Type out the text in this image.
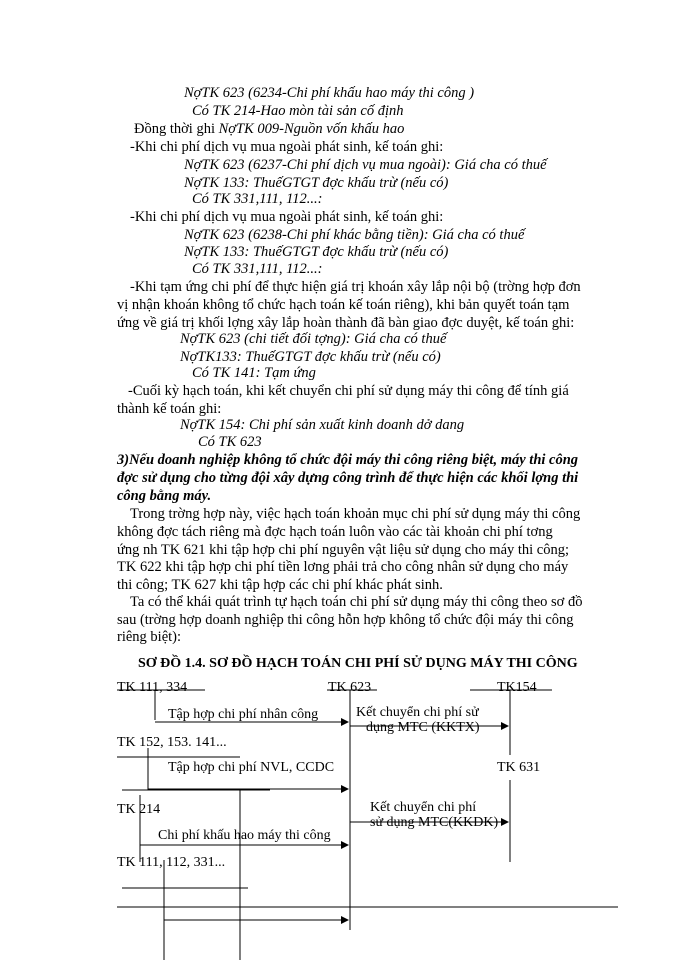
NợTK 623 (6234-Chi phí khấu hao máy thi công )
Có TK 214-Hao mòn tài sản cố định
Đồng thời ghi NợTK 009-Nguồn vốn khấu hao
-Khi chi phí dịch vụ mua ngoài phát sinh, kế toán ghi:
NợTK 623 (6237-Chi phí dịch vụ mua ngoài): Giá cha có thuế
NợTK 133: ThuếGTGT đợc khấu trừ (nếu có)
Có TK 331,111, 112...:
-Khi chi phí dịch vụ mua ngoài phát sinh, kế toán ghi:
NợTK 623 (6238-Chi phí khác bằng tiền): Giá cha có thuế
NợTK 133: ThuếGTGT đợc khấu trừ (nếu có)
Có TK 331,111, 112...:
-Khi tạm ứng chi phí để thực hiện giá trị khoán xây lắp nội bộ (trờng hợp đơn
vị nhận khoán không tổ chức hạch toán kế toán riêng), khi bản quyết toán tạm
ứng về giá trị khối lợng xây lắp hoàn thành đã bàn giao đợc duyệt, kế toán ghi:
NợTK 623 (chi tiết đối tợng): Giá cha có thuế
NợTK133: ThuếGTGT đợc khấu trừ (nếu có)
Có TK 141: Tạm ứng
-Cuối kỳ hạch toán, khi kết chuyển chi phí sử dụng máy thi công để tính giá
thành kế toán ghi:
NợTK 154: Chi phí sản xuất kinh doanh dở dang
Có TK 623
3)Nếu doanh nghiệp không tổ chức đội máy thi công riêng biệt, máy thi công
đợc sử dụng cho từng đội xây dựng công trình để thực hiện các khối lợng thi
công bằng máy.
Trong trờng hợp này, việc hạch toán khoản mục chi phí sử dụng máy thi công
không đợc tách riêng mà đợc hạch toán luôn vào các tài khoản chi phí tơng
ứng nh TK 621 khi tập hợp chi phí nguyên vật liệu sử dụng cho máy thi công;
TK 622 khi tập hợp chi phí tiền lơng phải trả cho công nhân sử dụng cho máy
thi công; TK 627 khi tập hợp các chi phí khác phát sinh.
Ta có thể khái quát trình tự hạch toán chi phí sử dụng máy thi công theo sơ đồ
sau (trờng hợp doanh nghiệp thi công hỗn hợp không tổ chức đội máy thi công
riêng biệt):
SƠ ĐỒ 1.4. SƠ ĐỒ HẠCH TOÁN CHI PHÍ SỬ DỤNG MÁY THI CÔNG
TK 111, 334	TK 623	TK154
Tập hợp chi phí nhân công	Kết chuyển chi phí sử
dụng MTC (KKTX)
TK 152, 153. 141...
Tập hợp chi phí NVL, CCDC	TK 631
TK 214	Kết chuyển chi phí
sử dụng MTC(KKDK)
Chi phí khấu hao máy thi công
TK 111, 112, 331...
